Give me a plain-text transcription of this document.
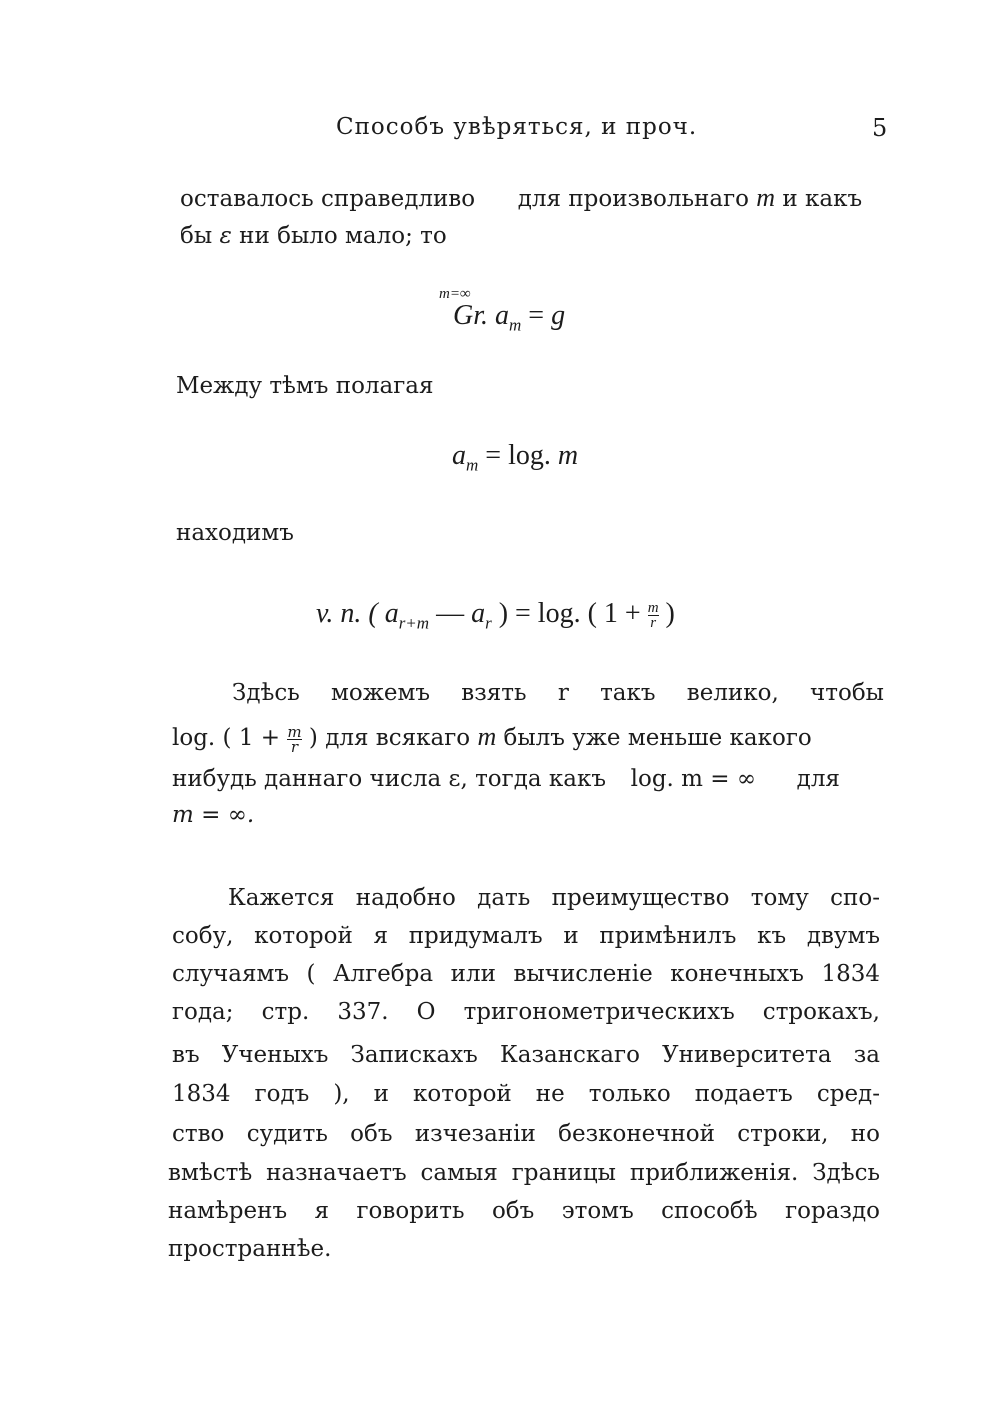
Способъ увѣряться, и проч.	5
оставалось справедливо для произвольнаго m и какъ
бы ε ни было мало; то
m=∞
Gr. $a_m = g$
Между тѣмъ полагая
$a_m = \log$. m
находимъ
v. n. ( $a_{r+m}$ — $a_r$ ) = log. ( $1 + \frac{m}{r}$ )
Здѣсь можемъ взять r такъ велико, чтобы
log. ( $1 + \frac{m}{r}$ ) для всякаго m былъ уже меньше какого
нибудь даннаго числа ε, тогда какъ log. m = ∞ для
m = ∞.
Кажется надобно дать преимущество тому спо-
собу, которой я придумалъ и примѣнилъ къ двумъ
случаямъ ( Алгебра или вычисленіе конечныхъ 1834
года; стр. 337. О тригонометрическихъ строкахъ,
въ Ученыхъ Запискахъ Казанскаго Университета за
1834 годъ ), и которой не только подаетъ сред-
ство судить объ изчезаніи безконечной строки, но
вмѣстѣ назначаетъ самыя границы приближенія. Здѣсь
намѣренъ я говорить объ этомъ способѣ гораздо
пространнѣе.
